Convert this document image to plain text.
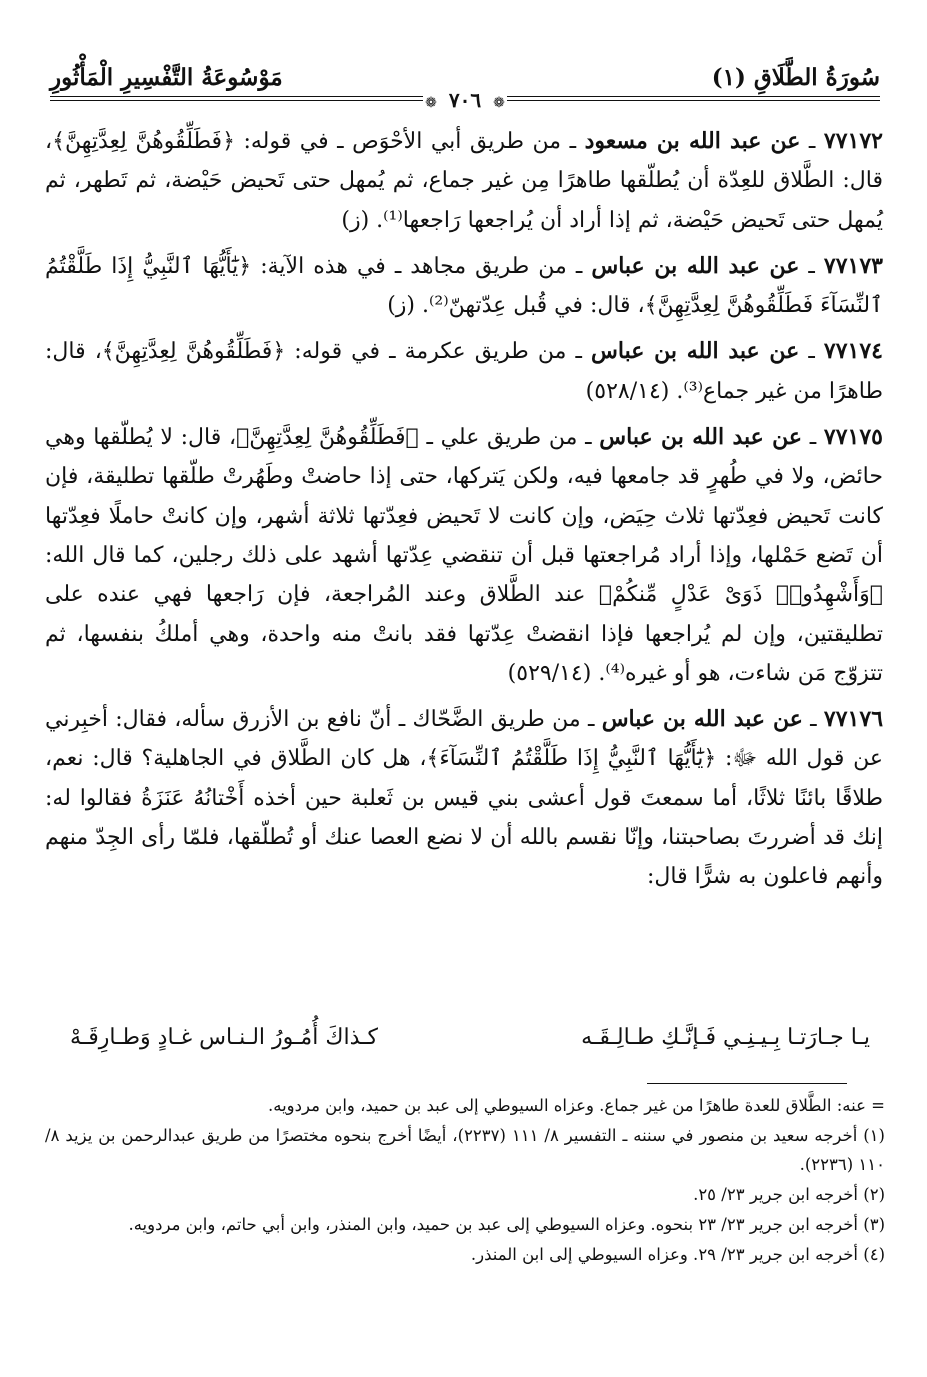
سُورَةُ الطَّلَاقِ (١)
مَوْسُوعَةُ التَّفْسِيرِ الْمَأْثُورِ
❁٧٠٦❁

٧٧١٧٢ ـ عن عبد الله بن مسعود ـ من طريق أبي الأحْوَص ـ في قوله: ﴿فَطَلِّقُوهُنَّ لِعِدَّتِهِنَّ﴾، قال: الطَّلاق للعِدّة أن يُطلّقها طاهرًا مِن غير جماع، ثم يُمهل حتى تَحيض حَيْضة، ثم تَطهر، ثم يُمهل حتى تَحيض حَيْضة، ثم إذا أراد أن يُراجعها رَاجعها⁽¹⁾. (ز)

٧٧١٧٣ ـ عن عبد الله بن عباس ـ من طريق مجاهد ـ في هذه الآية: ﴿يَٰٓأَيُّهَا ٱلنَّبِيُّ إِذَا طَلَّقْتُمُ ٱلنِّسَآءَ فَطَلِّقُوهُنَّ لِعِدَّتِهِنَّ﴾، قال: في قُبل عِدّتهنّ⁽²⁾. (ز)

٧٧١٧٤ ـ عن عبد الله بن عباس ـ من طريق عكرمة ـ في قوله: ﴿فَطَلِّقُوهُنَّ لِعِدَّتِهِنَّ﴾، قال: طاهرًا من غير جماع⁽³⁾. (٥٢٨/١٤)

٧٧١٧٥ ـ عن عبد الله بن عباس ـ من طريق علي ـ ﴿فَطَلِّقُوهُنَّ لِعِدَّتِهِنَّ﴾، قال: لا يُطلّقها وهي حائض، ولا في طُهرٍ قد جامعها فيه، ولكن يَتركها، حتى إذا حاضتْ وطَهُرتْ طلّقها تطليقة، فإن كانت تَحيض فعِدّتها ثلاث حِيَض، وإن كانت لا تَحيض فعِدّتها ثلاثة أشهر، وإن كانتْ حاملًا فعِدّتها أن تَضع حَمْلها، وإذا أراد مُراجعتها قبل أن تنقضي عِدّتها أشهد على ذلك رجلين، كما قال الله: ﴿وَأَشْهِدُوا۟ ذَوَىْ عَدْلٍ مِّنكُمْ﴾ عند الطَّلاق وعند المُراجعة، فإن رَاجعها فهي عنده على تطليقتين، وإن لم يُراجعها فإذا انقضتْ عِدّتها فقد بانتْ منه واحدة، وهي أملكُ بنفسها، ثم تتزوّج مَن شاءت، هو أو غيره⁽⁴⁾. (٥٢٩/١٤)

٧٧١٧٦ ـ عن عبد الله بن عباس ـ من طريق الضَّحّاك ـ أنّ نافع بن الأزرق سأله، فقال: أخبِرني عن قول الله ﷻ: ﴿يَٰٓأَيُّهَا ٱلنَّبِيُّ إِذَا طَلَّقْتُمُ ٱلنِّسَآءَ﴾، هل كان الطَّلاق في الجاهلية؟ قال: نعم، طلاقًا بائنًا ثلاثًا، أما سمعتَ قول أعشى بني قيس بن ثَعلبة حين أخذه أَخْتانُهُ عَنَزَةُ فقالوا له: إنك قد أضررتَ بصاحبتنا، وإنّا نقسم بالله أن لا نضع العصا عنك أو تُطلّقها، فلمّا رأى الجِدّ منهم وأنهم فاعلون به شرًّا قال:

يـا جـارَتـا بِـيـنِـي فَـإنَّـكِ طـالِـقَـه
كـذاكَ أُمُـورُ الـنـاس غـادٍ وَطـارِقَـهْ

= عنه: الطَّلاق للعدة طاهرًا من غير جماع. وعزاه السيوطي إلى عبد بن حميد، وابن مردويه.

(١) أخرجه سعيد بن منصور في سننه ـ التفسير ٨/ ١١١ (٢٢٣٧)، أيضًا أخرج بنحوه مختصرًا من طريق عبدالرحمن بن يزيد ٨/ ١١٠ (٢٢٣٦).

(٢) أخرجه ابن جرير ٢٣/ ٢٥.

(٣) أخرجه ابن جرير ٢٣/ ٢٣ بنحوه. وعزاه السيوطي إلى عبد بن حميد، وابن المنذر، وابن أبي حاتم، وابن مردويه.

(٤) أخرجه ابن جرير ٢٣/ ٢٩. وعزاه السيوطي إلى ابن المنذر.
